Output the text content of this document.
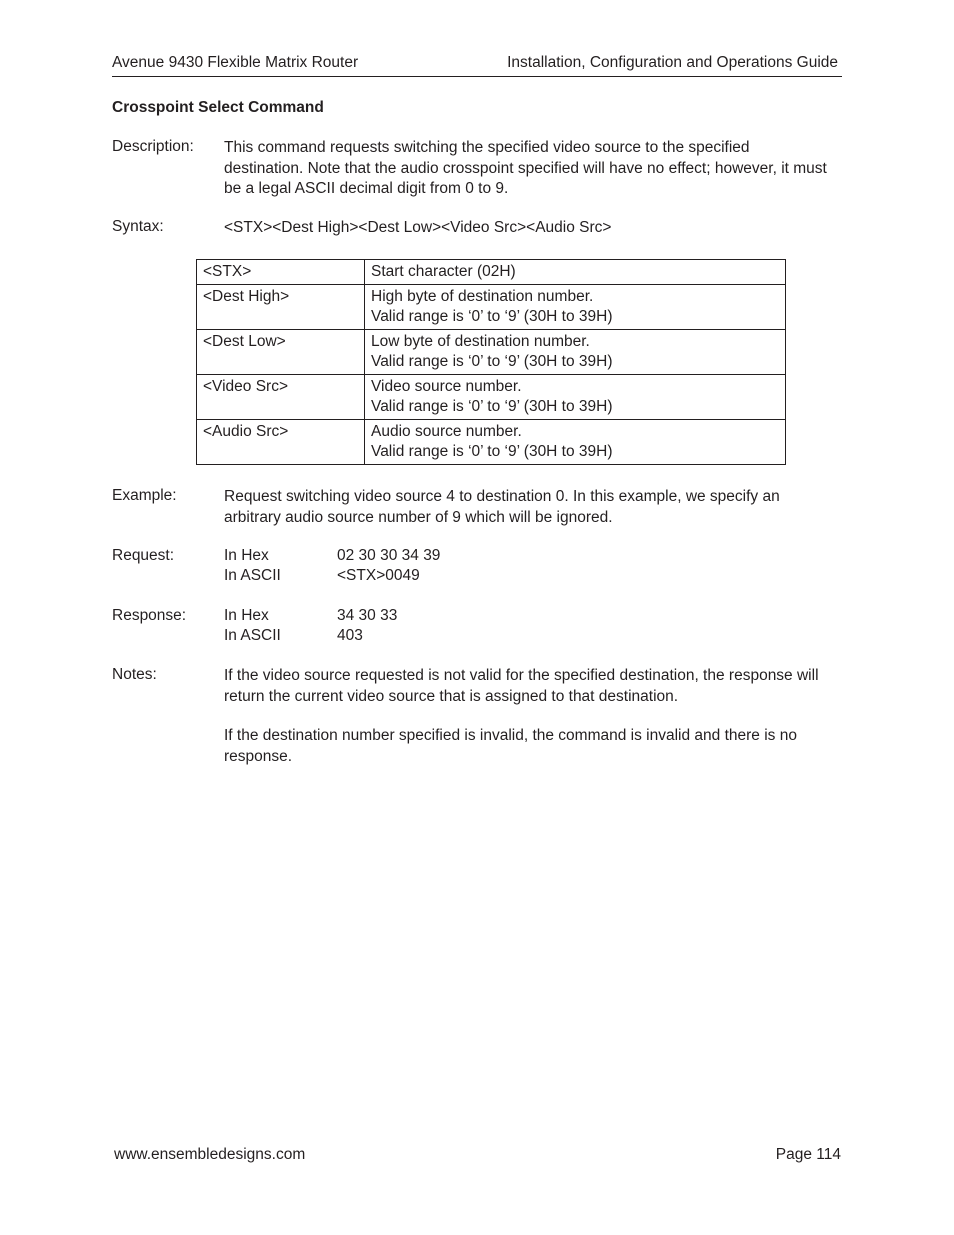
Avenue 9430 Flexible Matrix Router	Installation, Configuration and Operations Guide
Crosspoint Select Command
Description: This command requests switching the specified video source to the specified destination. Note that the audio crosspoint specified will have no effect; however, it must be a legal ASCII decimal digit from 0 to 9.
Syntax:	<STX><Dest High><Dest Low><Video Src><Audio Src>
<STX>	Start character (02H)
<Dest High>	High byte of destination number.
Valid range is ‘0’ to ‘9’ (30H to 39H)

<Dest Low>	Low byte of destination number.
Valid range is ‘0’ to ‘9’ (30H to 39H)

<Video Src>	Video source number.
Valid range is ‘0’ to ‘9’ (30H to 39H)

<Audio Src>	Audio source number.
Valid range is ‘0’ to ‘9’ (30H to 39H)
Example:	Request switching video source 4 to destination 0. In this example, we specify an arbitrary audio source number of 9 which will be ignored.
Request:	In Hex	02 30 30 34 39
In ASCII	<STX>0049
Response: In Hex	34 30 33
In ASCII	403
Notes:	If the video source requested is not valid for the specified destination, the response will return the current video source that is assigned to that destination.
If the destination number specified is invalid, the command is invalid and there is no response.
www.ensembledesigns.com	Page 114
